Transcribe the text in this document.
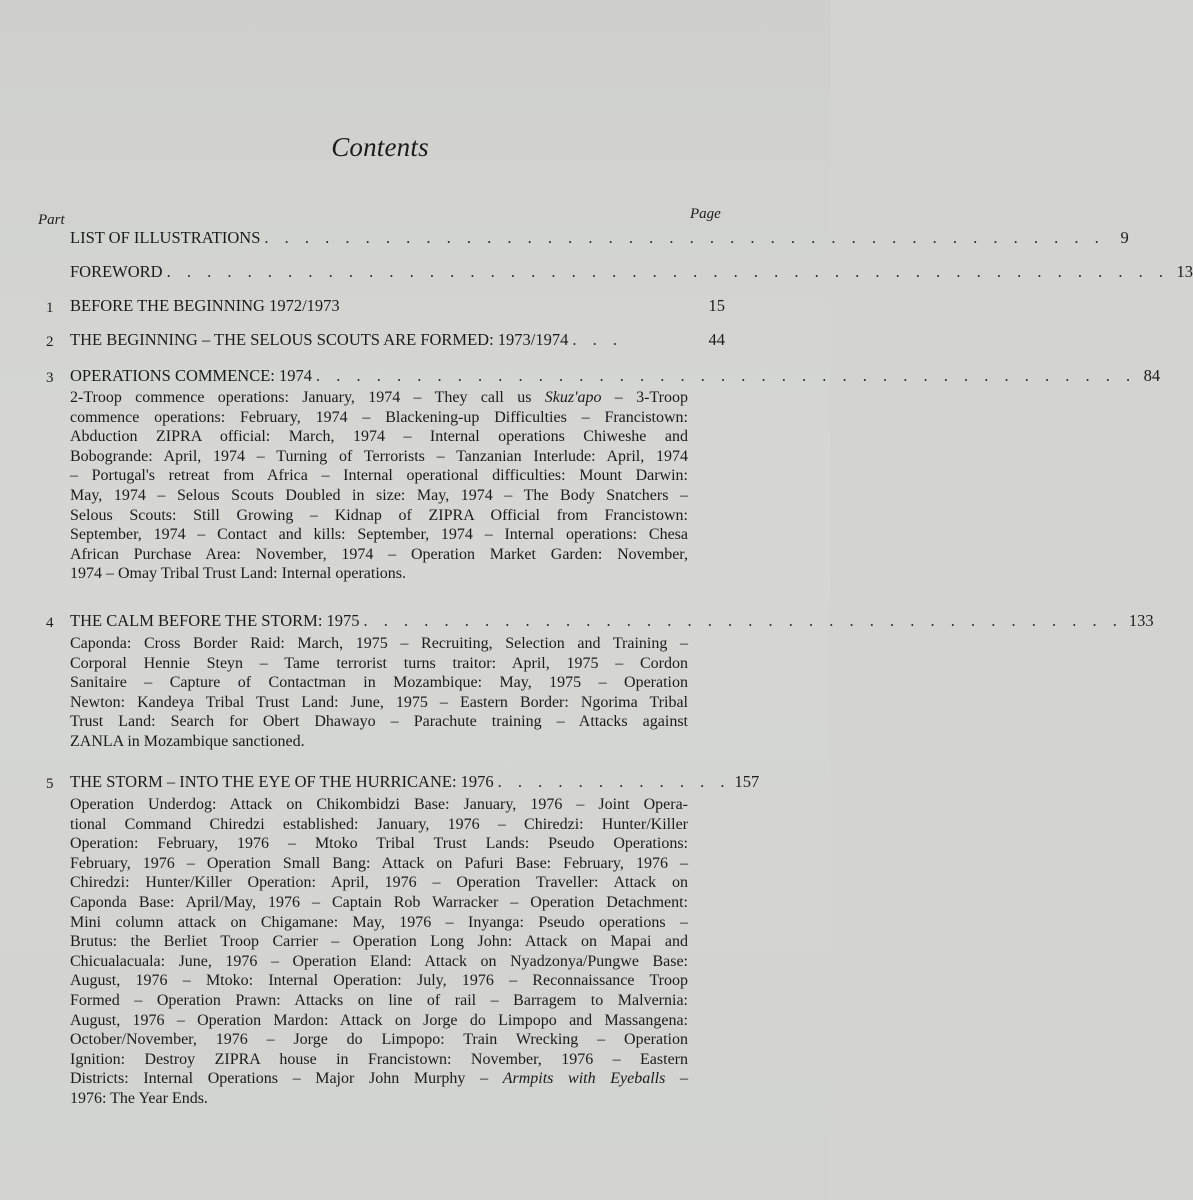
Contents
Part	Page
LIST OF ILLUSTRATIONS . . . . . . . . . . . . . . . . . . . . . . . . . . . . . . . . . . . . . . . . . . 9
FOREWORD . . . . . . . . . . . . . . . . . . . . . . . . . . . . . . . . . . . . . . . . . . . . . . . . . . 13
1 BEFORE THE BEGINNING 1972/1973	15
2 THE BEGINNING – THE SELOUS SCOUTS ARE FORMED: 1973/1974 . . .	44
3 OPERATIONS COMMENCE: 1974 . . . . . . . . . . . . . . . . . . . . . . . . . . . . . . . . . . . . . . . . . 84
2-Troop commence operations: January, 1974 – They call us Skuz'apo – 3-Troop
commence operations: February, 1974 – Blackening-up Difficulties – Francistown:
Abduction ZIPRA official: March, 1974 – Internal operations Chiweshe and
Bobogrande: April, 1974 – Turning of Terrorists – Tanzanian Interlude: April, 1974
– Portugal's retreat from Africa – Internal operational difficulties: Mount Darwin:
May, 1974 – Selous Scouts Doubled in size: May, 1974 – The Body Snatchers –
Selous Scouts: Still Growing – Kidnap of ZIPRA Official from Francistown:
September, 1974 – Contact and kills: September, 1974 – Internal operations: Chesa
African Purchase Area: November, 1974 – Operation Market Garden: November,
1974 – Omay Tribal Trust Land: Internal operations.
4 THE CALM BEFORE THE STORM: 1975 . . . . . . . . . . . . . . . . . . . . . . . . . . . . . . . . . . . . . . 133
Caponda: Cross Border Raid: March, 1975 – Recruiting, Selection and Training –
Corporal Hennie Steyn – Tame terrorist turns traitor: April, 1975 – Cordon
Sanitaire – Capture of Contactman in Mozambique: May, 1975 – Operation
Newton: Kandeya Tribal Trust Land: June, 1975 – Eastern Border: Ngorima Tribal
Trust Land: Search for Obert Dhawayo – Parachute training – Attacks against
ZANLA in Mozambique sanctioned.
5 THE STORM – INTO THE EYE OF THE HURRICANE: 1976 . . . . . . . . . . . . 157
Operation Underdog: Attack on Chikombidzi Base: January, 1976 – Joint Opera-
tional Command Chiredzi established: January, 1976 – Chiredzi: Hunter/Killer
Operation: February, 1976 – Mtoko Tribal Trust Lands: Pseudo Operations:
February, 1976 – Operation Small Bang: Attack on Pafuri Base: February, 1976 –
Chiredzi: Hunter/Killer Operation: April, 1976 – Operation Traveller: Attack on
Caponda Base: April/May, 1976 – Captain Rob Warracker – Operation Detachment:
Mini column attack on Chigamane: May, 1976 – Inyanga: Pseudo operations –
Brutus: the Berliet Troop Carrier – Operation Long John: Attack on Mapai and
Chicualacuala: June, 1976 – Operation Eland: Attack on Nyadzonya/Pungwe Base:
August, 1976 – Mtoko: Internal Operation: July, 1976 – Reconnaissance Troop
Formed – Operation Prawn: Attacks on line of rail – Barragem to Malvernia:
August, 1976 – Operation Mardon: Attack on Jorge do Limpopo and Massangena:
October/November, 1976 – Jorge do Limpopo: Train Wrecking – Operation
Ignition: Destroy ZIPRA house in Francistown: November, 1976 – Eastern
Districts: Internal Operations – Major John Murphy – Armpits with Eyeballs –
1976: The Year Ends.
